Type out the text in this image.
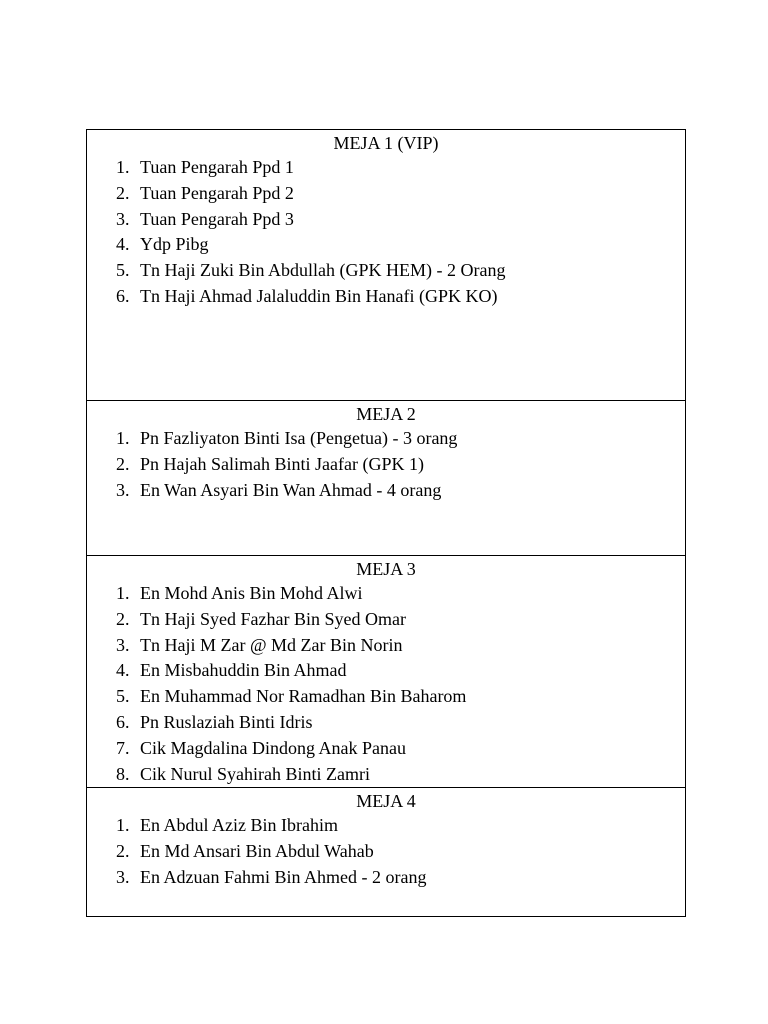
MEJA 1 (VIP)
1. Tuan Pengarah Ppd 1
2. Tuan Pengarah Ppd 2
3. Tuan Pengarah Ppd 3
4. Ydp Pibg
5. Tn Haji Zuki Bin Abdullah (GPK HEM) - 2 Orang
6. Tn Haji Ahmad Jalaluddin Bin Hanafi (GPK KO)
MEJA 2
1. Pn Fazliyaton Binti Isa (Pengetua) - 3 orang
2. Pn Hajah Salimah Binti Jaafar (GPK 1)
3. En Wan Asyari Bin Wan Ahmad - 4 orang
MEJA 3
1. En Mohd Anis Bin Mohd Alwi
2. Tn Haji Syed Fazhar Bin Syed Omar
3. Tn Haji M Zar @ Md Zar Bin Norin
4. En Misbahuddin Bin Ahmad
5. En Muhammad Nor Ramadhan Bin Baharom
6. Pn Ruslaziah Binti Idris
7. Cik Magdalina Dindong Anak Panau
8. Cik Nurul Syahirah Binti Zamri
MEJA 4
1. En Abdul Aziz Bin Ibrahim
2. En Md Ansari Bin Abdul Wahab
3. En Adzuan Fahmi Bin Ahmed - 2 orang
